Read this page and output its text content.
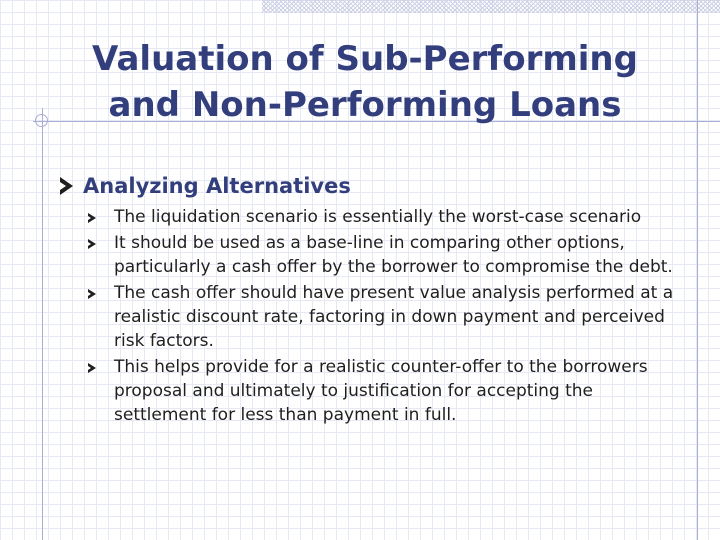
Valuation of Sub-Performing
and Non-Performing Loans
Analyzing Alternatives
The liquidation scenario is essentially the worst-case scenario
It should be used as a base-line in comparing other options, particularly a cash offer by the borrower to compromise the debt.
The cash offer should have present value analysis performed at a realistic discount rate, factoring in down payment and perceived risk factors.
This helps provide for a realistic counter-offer to the borrowers proposal and ultimately to justification for accepting the settlement for less than payment in full.
